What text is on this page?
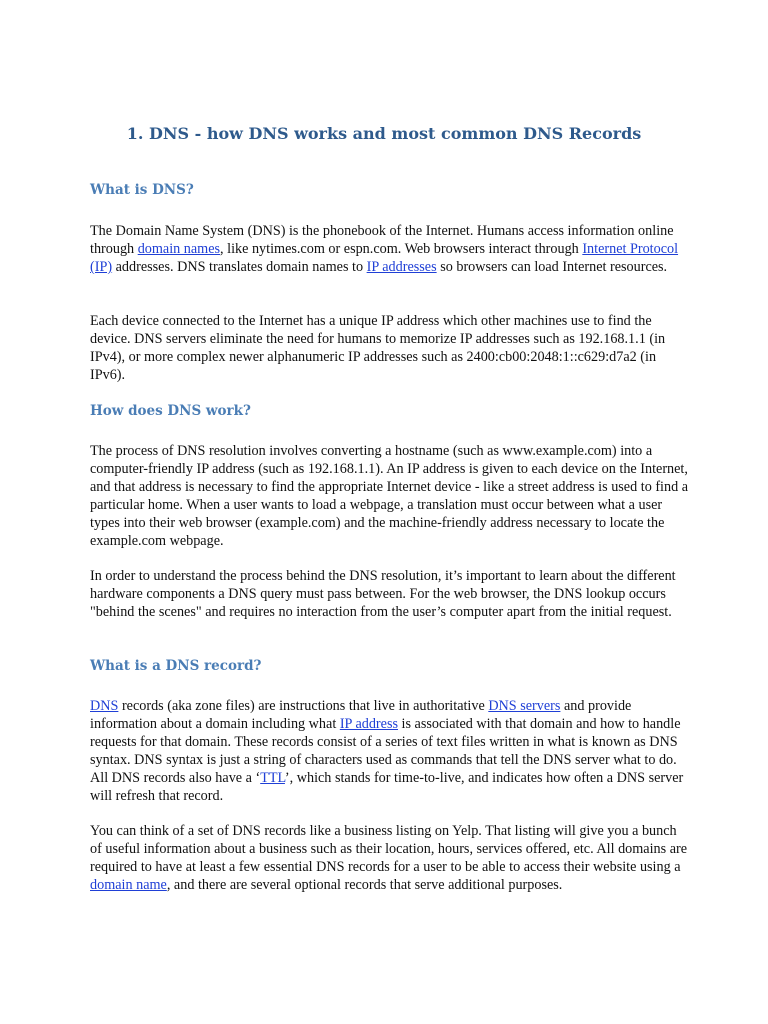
1. DNS - how DNS works and most common DNS Records
What is DNS?

The Domain Name System (DNS) is the phonebook of the Internet. Humans access information online through domain names, like nytimes.com or espn.com. Web browsers interact through Internet Protocol (IP) addresses. DNS translates domain names to IP addresses so browsers can load Internet resources.

Each device connected to the Internet has a unique IP address which other machines use to find the device. DNS servers eliminate the need for humans to memorize IP addresses such as 192.168.1.1 (in IPv4), or more complex newer alphanumeric IP addresses such as 2400:cb00:2048:1::c629:d7a2 (in IPv6).

How does DNS work?

The process of DNS resolution involves converting a hostname (such as www.example.com) into a computer-friendly IP address (such as 192.168.1.1). An IP address is given to each device on the Internet, and that address is necessary to find the appropriate Internet device - like a street address is used to find a particular home. When a user wants to load a webpage, a translation must occur between what a user types into their web browser (example.com) and the machine-friendly address necessary to locate the example.com webpage.

In order to understand the process behind the DNS resolution, it’s important to learn about the different hardware components a DNS query must pass between. For the web browser, the DNS lookup occurs "behind the scenes" and requires no interaction from the user’s computer apart from the initial request.

What is a DNS record?

DNS records (aka zone files) are instructions that live in authoritative DNS servers and provide information about a domain including what IP address is associated with that domain and how to handle requests for that domain. These records consist of a series of text files written in what is known as DNS syntax. DNS syntax is just a string of characters used as commands that tell the DNS server what to do. All DNS records also have a ‘TTL’, which stands for time-to-live, and indicates how often a DNS server will refresh that record.

You can think of a set of DNS records like a business listing on Yelp. That listing will give you a bunch of useful information about a business such as their location, hours, services offered, etc. All domains are required to have at least a few essential DNS records for a user to be able to access their website using a domain name, and there are several optional records that serve additional purposes.
